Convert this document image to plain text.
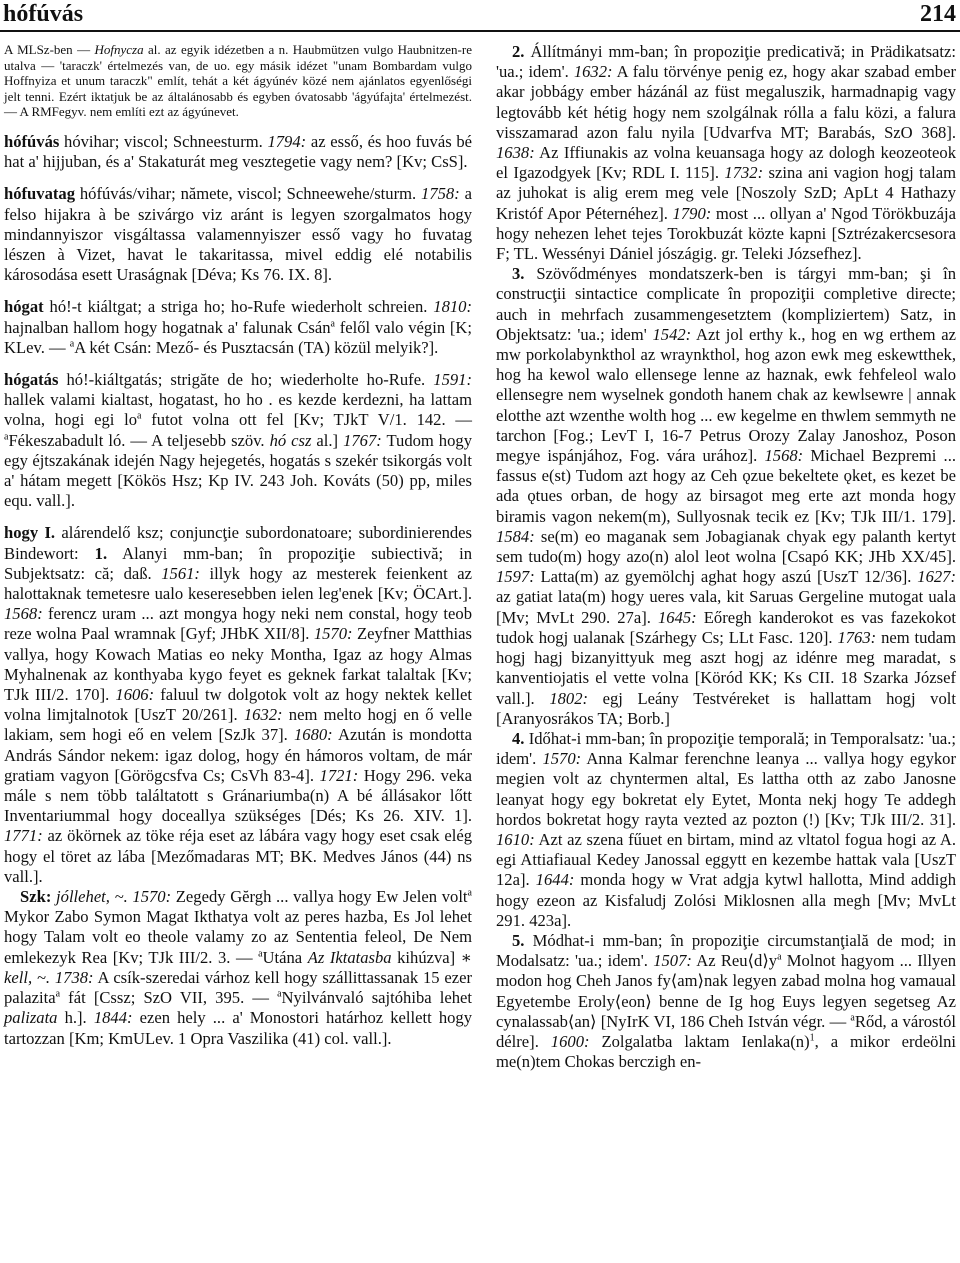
hófúvás	214

A MLSz-ben — Hofnycza al. az egyik idézetben a n. Haubmützen vulgo Haubnitzen-re utalva — 'taraczk' értelmezés van, de uo. egy másik idézet "unam Bombardam vulgo Hoffnyiza et unum taraczk" említ, tehát a két ágyúnév közé nem ajánlatos egyenlőségi jelt tenni. Ezért iktatjuk be az általánosabb és egyben óvatosabb 'ágyúfajta' értelmezést. — A RMFegyv. nem említi ezt az ágyúnevet.

hófúvás hóvihar; viscol; Schneesturm. 1794: az esső, és hoo fuvás bé hat a' hijjuban, és a' Stakaturát meg vesztegetie vagy nem? [Kv; CsS].

hófuvatag hófúvás/vihar; nămete, viscol; Schneewehe/sturm. 1758: a felso hijakra à be szivárgo viz aránt is legyen szorgalmatos hogy mindannyiszor visgáltassa valamennyiszer esső vagy ho fuvatag lészen à Vizet, havat le takaritassa, mivel eddig elé notabilis károsodása esett Uraságnak [Déva; Ks 76. IX. 8].

hógat hó!-t kiáltgat; a striga ho; ho-Rufe wiederholt schreien. 1810: hajnalban hallom hogy hogatnak a' falunak Csán$^a$ felől valo végin [K; KLev. — $^a$A két Csán: Mező- és Pusztacsán (TA) közül melyik?].

hógatás hó!-kiáltgatás; strigăte de ho; wiederholte ho-Rufe. 1591: hallek valami kialtast, hogatast, ho ho . es kezde kerdezni, ha lattam volna, hogi egi $lo^a$ futot volna ott fel [Kv; TJkT V/1. 142. — $^a$Fékeszabadult ló. — A teljesebb szöv. hó csz al.] 1767: Tudom hogy egy éjtszakának idején Nagy hejegetés, hogatás s szekér tsikorgás volt a' hátam megett [Kökös Hsz; Kp IV. 243 Joh. Kováts (50) pp, miles equ. vall.].

hogy I. alárendelő ksz; conjuncţie subordonatoare; subordinierendes Bindewort: 1. Alanyi mm-ban; în propoziţie subiectivă; in Subjektsatz: că; daß. 1561: illyk hogy az mesterek feienkent az halottaknak temetesre ualo keseresebben ielen leg'enek [Kv; ÖCArt.]. 1568: ferencz uram ... azt mongya hogy neki nem constal, hogy teob reze wolna Paal wramnak [Gyf; JHbK XII/8]. 1570: Zeyfner Matthias vallya, hogy Kowach Matias eo neky Montha, Igaz az hogy Almas Myhalnenak az konthyaba kygo feyet es geknek farkat talaltak [Kv; TJk III/2. 170]. 1606: faluul tw dolgotok volt az hogy nektek kellet volna limjtalnotok [UszT 20/261]. 1632: nem melto hogj en ő velle lakiam, sem hogi eő en velem [SzJk 37]. 1680: Azután is mondotta András Sándor nekem: igaz dolog, hogy én hámoros voltam, de már gratiam vagyon [Görögcsfva Cs; CsVh 83-4]. 1721: Hogy 296. veka mále s nem több találtatott s Gránariumba(n) A bé állásakor lőtt Inventariummal hogy doceallya szükséges [Dés; Ks 26. XIV. 1]. 1771: az ökörnek az töke réja eset az lábára vagy hogy eset csak elég hogy el töret az lába [Mezőmadaras MT; BK. Medves János (44) ns vall.].

Szk: jóllehet, ~. 1570: Zegedy Gĕrgh ... vallya hogy Ew Jelen volt$^a$ Mykor Zabo Symon Magat Ikthatya volt az peres hazba, Es Jol lehet hogy Talam volt eo theole valamy zo az Sententia feleol, De Nem emlekezyk Rea [Kv; TJk III/2. 3. — $^a$Utána Az Iktatasba kihúzva] ∗ kell, ~. 1738: A csík-szeredai várhoz kell hogy szállittassanak 15 ezer palazita$^a$ fát [Cssz; SzO VII, 395. — $^a$Nyilvánvaló sajtóhiba lehet palizata h.]. 1844: ezen hely ... a' Monostori határhoz kellett hogy tartozzan [Km; KmULev. 1 Opra Vaszilika (41) col. vall.].

2. Állítmányi mm-ban; în propoziţie predicativă; in Prädikatsatz: 'ua.; idem'. 1632: A falu törvénye penig ez, hogy akar szabad ember akar jobbágy ember házánál az füst megaluszik, harmadnapig vagy legtovább két hétig hogy nem szolgálnak rólla a falu közi, a falura visszamarad azon falu nyila [Udvarfva MT; Barabás, SzO 368]. 1638: Az Iffiunakis az volna keuansaga hogy az dologh keozeoteok el Igazodgyek [Kv; RDL I. 115]. 1732: szina ani vagion hogj talam az juhokat is alig erem meg vele [Noszoly SzD; ApLt 4 Hathazy Kristóf Apor Péternéhez]. 1790: most ... ollyan a' Ngod Törökbuzája hogy nehezen lehet tejes Torokbuzát közte kapni [Sztrézakercsesora F; TL. Wessényi Dániel jószágig. gr. Teleki Józsefhez].

3. Szövődményes mondatszerk-ben is tárgyi mm-ban; şi în construcţii sintactice complicate în propoziţii completive directe; auch in mehrfach zusammengesetztem (kompliziertem) Satz, in Objektsatz: 'ua.; idem' 1542: Azt jol erthy k., hog en wg erthem az mw porkolabynkthol az wraynkthol, hog azon ewk meg eskewtthek, hog ha kewol walo ellensege lenne az haznak, ewk fehfeleol walo ellensegre nem wyselnek gondoth hanem chak az kewlsewre | annak elotthe azt wzenthe wolth hog ... ew kegelme en thwlem semmyth ne tarchon [Fog.; LevT I, 16-7 Petrus Orozy Zalay Janoshoz, Poson megye ispánjához, Fog. vára urához]. 1568: Michael Bezpremi ... fassus e(st) Tudom azt hogy az Ceh ǫzue bekeltete ǫket, es kezet be ada ǫtues orban, de hogy az birsagot meg erte azt monda hogy biramis vagon nekem(m), Sullyosnak tecik ez [Kv; TJk III/1. 179]. 1584: se(m) eo maganak sem Jobagianak chyak egy palanth kertyt sem tudo(m) hogy azo(n) alol leot wolna [Csapó KK; JHb XX/45]. 1597: Latta(m) az gyemölchj aghat hogy aszú [UszT 12/36]. 1627: az gatiat lata(m) hogy ueres vala, kit Saruas Gergeline mutogat uala [Mv; MvLt 290. 27a]. 1645: Eőregh kanderokot es vas fazekokot tudok hogj ualanak [Szárhegy Cs; LLt Fasc. 120]. 1763: nem tudam hogj hagj bizanyittyuk meg aszt hogj az idénre meg maradat, s kanventiojatis el vette volna [Köród KK; Ks CII. 18 Szarka József vall.]. 1802: egj Leány Testvéreket is hallattam hogj volt [Aranyosrákos TA; Borb.]

4. Időhat-i mm-ban; în propoziţie temporală; in Temporalsatz: 'ua.; idem'. 1570: Anna Kalmar ferenchne leanya ... vallya hogy egykor megien volt az chyntermen altal, Es lattha otth az zabo Janosne leanyat hogy egy bokretat ely Eytet, Monta nekj hogy Te addegh hordos bokretat hogy rayta vezted az pozton (!) [Kv; TJk III/2. 31]. 1610: Azt az szena fűuet en birtam, mind az vltatol fogua hogi az A. egi Attiafiaual Kedey Janossal eggytt en kezembe hattak vala [UszT 12a]. 1644: monda hogy w Vrat adgja kytwl hallotta, Mind addigh hogy ezeon az Kisfaludj Zolósi Miklosnen alla megh [Mv; MvLt 291. 423a].

5. Módhat-i mm-ban; în propoziţie circumstanţială de mod; in Modalsatz: 'ua.; idem'. 1507: Az $Reu⟨d⟩y^a$ Molnot hagyom ... Illyen modon hog Cheh Janos fy⟨am⟩nak legyen zabad molna hog vamaual Egyetembe Eroly⟨eon⟩ benne de Ig hog Euys legyen segetseg Az cynalassab⟨an⟩ [NyIrK VI, 186 Cheh István végr. — $^a$Rőd, a várostól délre]. 1600: Zolgalatba laktam $Ienlaka(n)^1$, a mikor erdeölni me(n)tem Chokas berczigh en-
